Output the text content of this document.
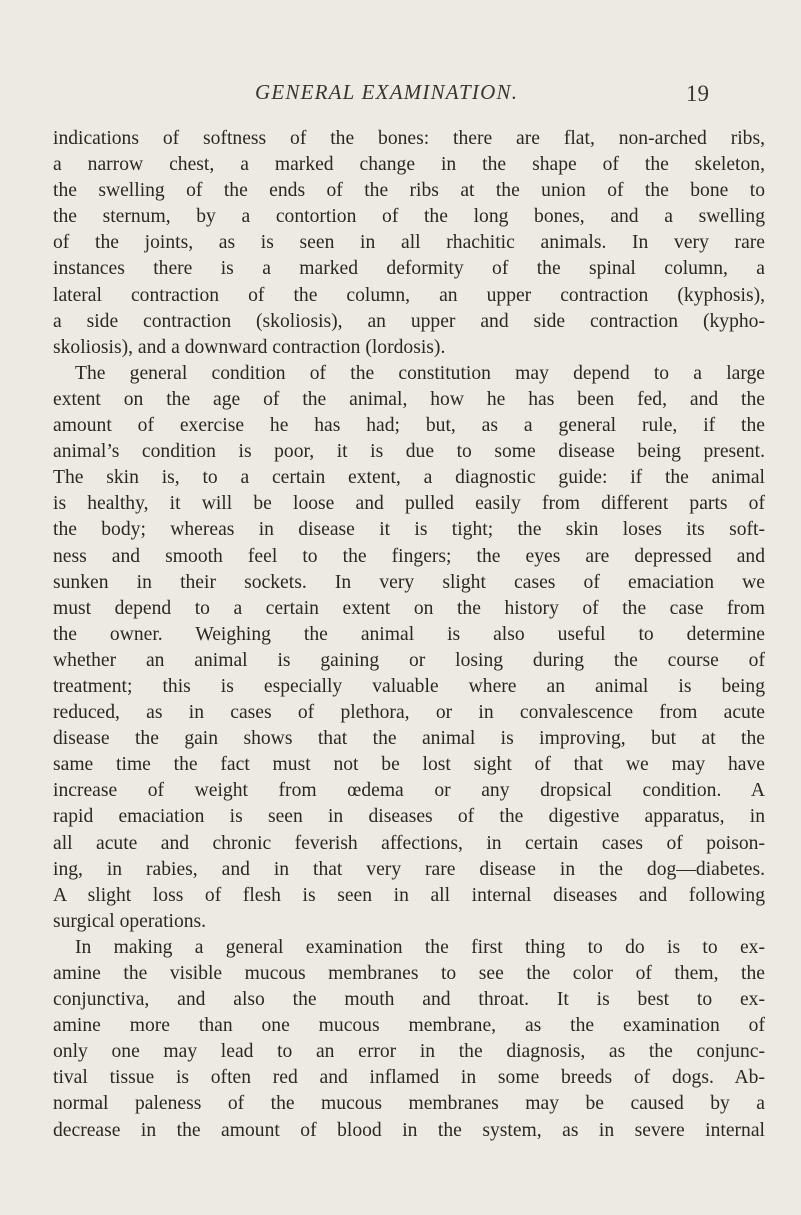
GENERAL EXAMINATION.	19
indications of softness of the bones: there are flat, non-arched ribs,
a narrow chest, a marked change in the shape of the skeleton,
the swelling of the ends of the ribs at the union of the bone to
the sternum, by a contortion of the long bones, and a swelling
of the joints, as is seen in all rhachitic animals. In very rare
instances there is a marked deformity of the spinal column, a
lateral contraction of the column, an upper contraction (kyphosis),
a side contraction (skoliosis), an upper and side contraction (kypho-
skoliosis), and a downward contraction (lordosis).
The general condition of the constitution may depend to a large
extent on the age of the animal, how he has been fed, and the
amount of exercise he has had; but, as a general rule, if the
animal’s condition is poor, it is due to some disease being present.
The skin is, to a certain extent, a diagnostic guide: if the animal
is healthy, it will be loose and pulled easily from different parts of
the body; whereas in disease it is tight; the skin loses its soft-
ness and smooth feel to the fingers; the eyes are depressed and
sunken in their sockets. In very slight cases of emaciation we
must depend to a certain extent on the history of the case from
the owner. Weighing the animal is also useful to determine
whether an animal is gaining or losing during the course of
treatment; this is especially valuable where an animal is being
reduced, as in cases of plethora, or in convalescence from acute
disease the gain shows that the animal is improving, but at the
same time the fact must not be lost sight of that we may have
increase of weight from œdema or any dropsical condition. A
rapid emaciation is seen in diseases of the digestive apparatus, in
all acute and chronic feverish affections, in certain cases of poison-
ing, in rabies, and in that very rare disease in the dog—diabetes.
A slight loss of flesh is seen in all internal diseases and following
surgical operations.
In making a general examination the first thing to do is to ex-
amine the visible mucous membranes to see the color of them, the
conjunctiva, and also the mouth and throat. It is best to ex-
amine more than one mucous membrane, as the examination of
only one may lead to an error in the diagnosis, as the conjunc-
tival tissue is often red and inflamed in some breeds of dogs. Ab-
normal paleness of the mucous membranes may be caused by a
decrease in the amount of blood in the system, as in severe internal
